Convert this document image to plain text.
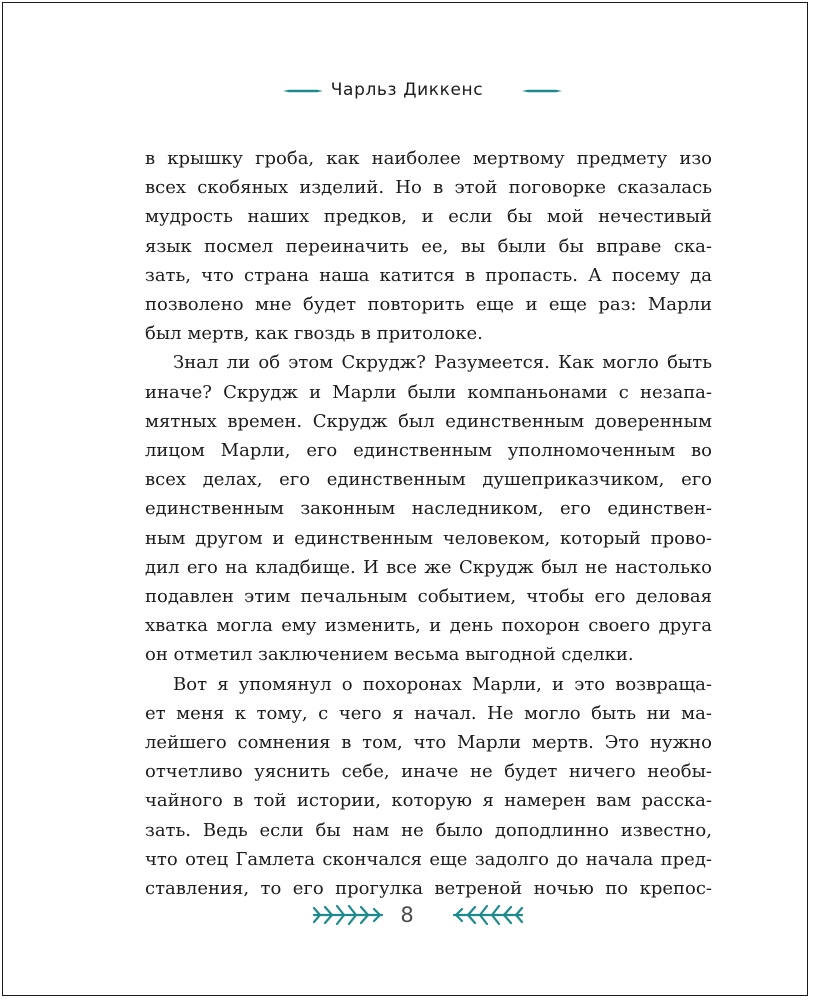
Чарльз Диккенс

в крышку гроба, как наиболее мертвому предмету изо
всех скобяных изделий. Но в этой поговорке сказалась
мудрость наших предков, и если бы мой нечестивый
язык посмел переиначить ее, вы были бы вправе ска-
зать, что страна наша катится в пропасть. А посему да
позволено мне будет повторить еще и еще раз: Марли
был мертв, как гвоздь в притолоке.

Знал ли об этом Скрудж? Разумеется. Как могло быть
иначе? Скрудж и Марли были компаньонами с незапа-
мятных времен. Скрудж был единственным доверенным
лицом Марли, его единственным уполномоченным во
всех делах, его единственным душеприказчиком, его
единственным законным наследником, его единствен-
ным другом и единственным человеком, который прово-
дил его на кладбище. И все же Скрудж был не настолько
подавлен этим печальным событием, чтобы его деловая
хватка могла ему изменить, и день похорон своего друга
он отметил заключением весьма выгодной сделки.

Вот я упомянул о похоронах Марли, и это возвраща-
ет меня к тому, с чего я начал. Не могло быть ни ма-
лейшего сомнения в том, что Марли мертв. Это нужно
отчетливо уяснить себе, иначе не будет ничего необы-
чайного в той истории, которую я намерен вам расска-
зать. Ведь если бы нам не было доподлинно известно,
что отец Гамлета скончался еще задолго до начала пред-
ставления, то его прогулка ветреной ночью по крепос-

8
